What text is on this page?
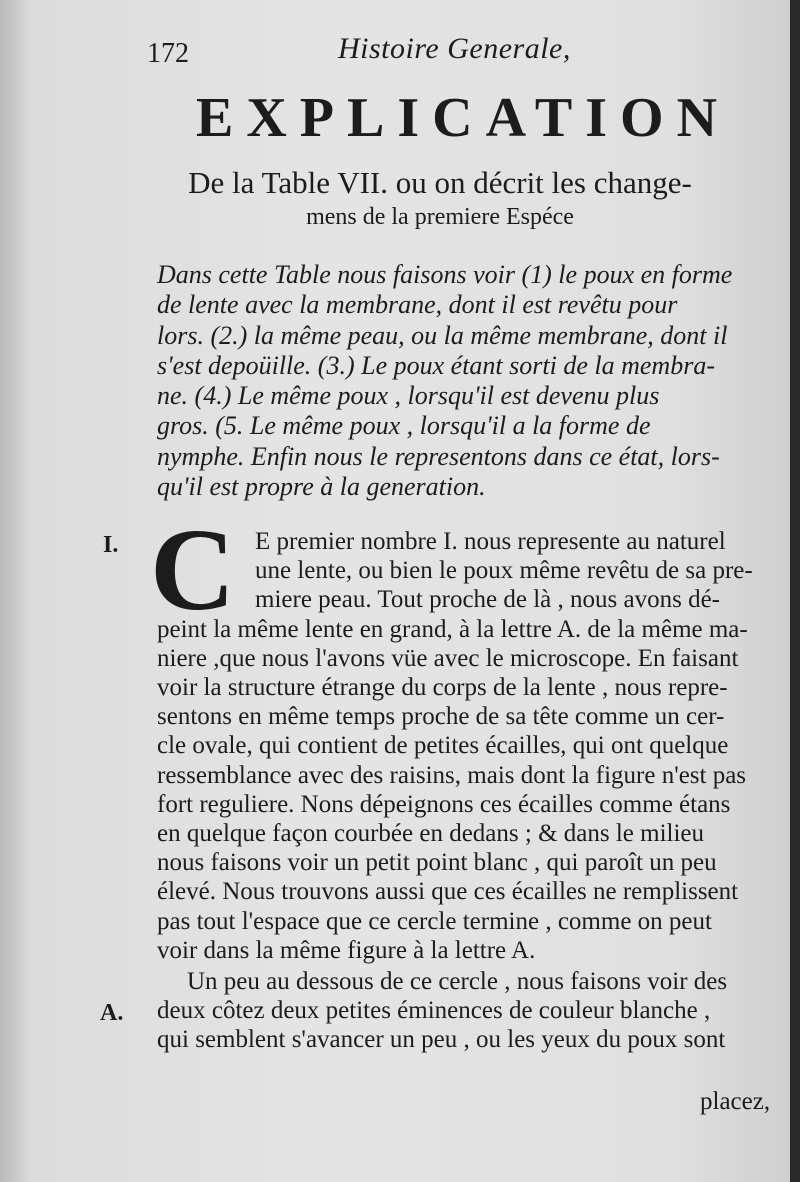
172	Histoire Generale,
EXPLICATION
De la Table VII. ou on décrit les change-
mens de la premiere Espéce
Dans cette Table nous faisons voir (1) le poux en forme
de lente avec la membrane, dont il est revêtu pour
lors. (2.) la même peau, ou la même membrane, dont il
s'est depoüille. (3.) Le poux étant sorti de la membra-
ne. (4.) Le même poux , lorsqu'il est devenu plus
gros. (5. Le même poux , lorsqu'il a la forme de
nymphe. Enfin nous le representons dans ce état, lors-
qu'il est propre à la generation.
I.
A.
C E premier nombre I. nous represente au naturel
une lente, ou bien le poux même revêtu de sa pre-
miere peau. Tout proche de là , nous avons dé-
peint la même lente en grand, à la lettre A. de la même ma-
niere ,que nous l'avons vüe avec le microscope. En faisant
voir la structure étrange du corps de la lente , nous repre-
sentons en même temps proche de sa tête comme un cer-
cle ovale, qui contient de petites écailles, qui ont quelque
ressemblance avec des raisins, mais dont la figure n'est pas
fort reguliere. Nons dépeignons ces écailles comme étans
en quelque façon courbée en dedans ; & dans le milieu
nous faisons voir un petit point blanc , qui paroît un peu
élevé. Nous trouvons aussi que ces écailles ne remplissent
pas tout l'espace que ce cercle termine , comme on peut
voir dans la même figure à la lettre A.
Un peu au dessous de ce cercle , nous faisons voir des
deux côtez deux petites éminences de couleur blanche ,
qui semblent s'avancer un peu , ou les yeux du poux sont
placez,
